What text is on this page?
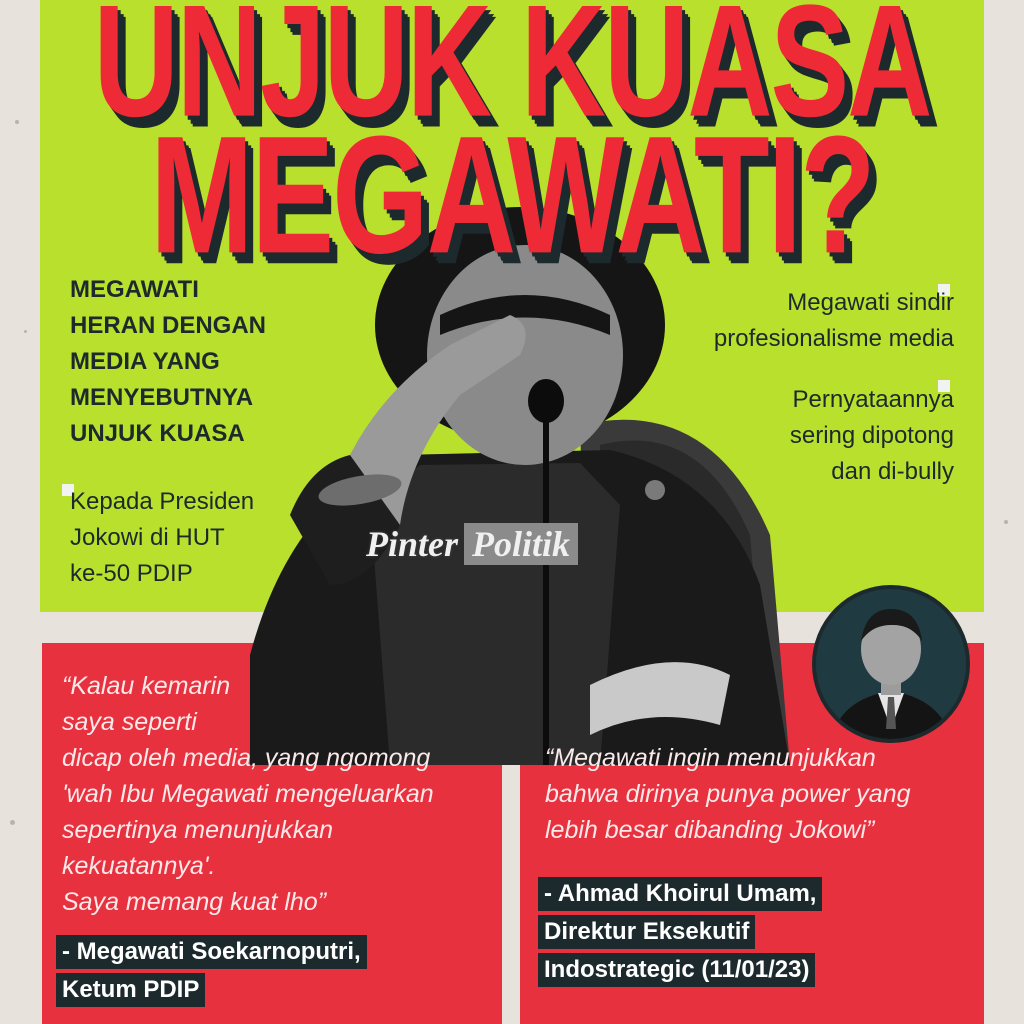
UNJUK KUASA
MEGAWATI?
MEGAWATI
HERAN DENGAN
MEDIA YANG
MENYEBUTNYA
UNJUK KUASA
Kepada Presiden
Jokowi di HUT
ke-50 PDIP
Megawati sindir
profesionalisme media
Pernyataannya
sering dipotong
dan di-bully
Pinter Politik

“Kalau kemarin
saya seperti
dicap oleh media, yang ngomong
'wah Ibu Megawati mengeluarkan
sepertinya menunjukkan
kekuatannya'.
Saya memang kuat lho”

- Megawati Soekarnoputri,
Ketum PDIP

“Megawati ingin menunjukkan
bahwa dirinya punya power yang
lebih besar dibanding Jokowi”

- Ahmad Khoirul Umam,
Direktur Eksekutif
Indostrategic (11/01/23)
